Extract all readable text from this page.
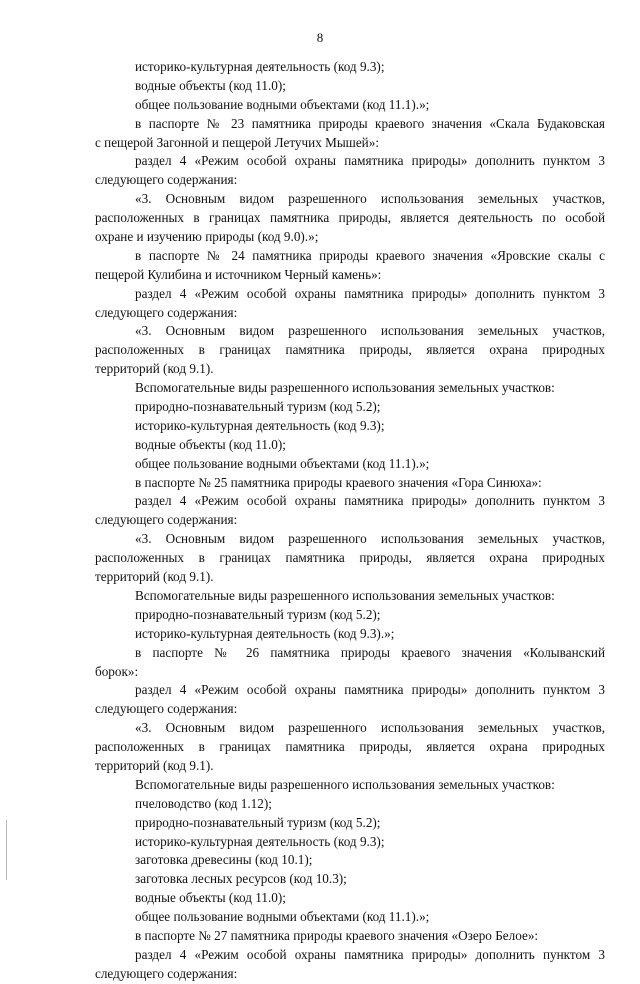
8
историко-культурная деятельность (код 9.3);
водные объекты (код 11.0);
общее пользование водными объектами (код 11.1).»;
в паспорте № 23 памятника природы краевого значения «Скала Будаковская
с пещерой Загонной и пещерой Летучих Мышей»:
раздел 4 «Режим особой охраны памятника природы» дополнить пунктом 3
следующего содержания:
«3. Основным видом разрешенного использования земельных участков,
расположенных в границах памятника природы, является деятельность по особой
охране и изучению природы (код 9.0).»;
в паспорте № 24 памятника природы краевого значения «Яровские скалы с
пещерой Кулибина и источником Черный камень»:
раздел 4 «Режим особой охраны памятника природы» дополнить пунктом 3
следующего содержания:
«3. Основным видом разрешенного использования земельных участков,
расположенных в границах памятника природы, является охрана природных
территорий (код 9.1).
Вспомогательные виды разрешенного использования земельных участков:
природно-познавательный туризм (код 5.2);
историко-культурная деятельность (код 9.3);
водные объекты (код 11.0);
общее пользование водными объектами (код 11.1).»;
в паспорте № 25 памятника природы краевого значения «Гора Синюха»:
раздел 4 «Режим особой охраны памятника природы» дополнить пунктом 3
следующего содержания:
«3. Основным видом разрешенного использования земельных участков,
расположенных в границах памятника природы, является охрана природных
территорий (код 9.1).
Вспомогательные виды разрешенного использования земельных участков:
природно-познавательный туризм (код 5.2);
историко-культурная деятельность (код 9.3).»;
в паспорте № 26 памятника природы краевого значения «Колыванский
борок»:
раздел 4 «Режим особой охраны памятника природы» дополнить пунктом 3
следующего содержания:
«3. Основным видом разрешенного использования земельных участков,
расположенных в границах памятника природы, является охрана природных
территорий (код 9.1).
Вспомогательные виды разрешенного использования земельных участков:
пчеловодство (код 1.12);
природно-познавательный туризм (код 5.2);
историко-культурная деятельность (код 9.3);
заготовка древесины (код 10.1);
заготовка лесных ресурсов (код 10.3);
водные объекты (код 11.0);
общее пользование водными объектами (код 11.1).»;
в паспорте № 27 памятника природы краевого значения «Озеро Белое»:
раздел 4 «Режим особой охраны памятника природы» дополнить пунктом 3
следующего содержания:
